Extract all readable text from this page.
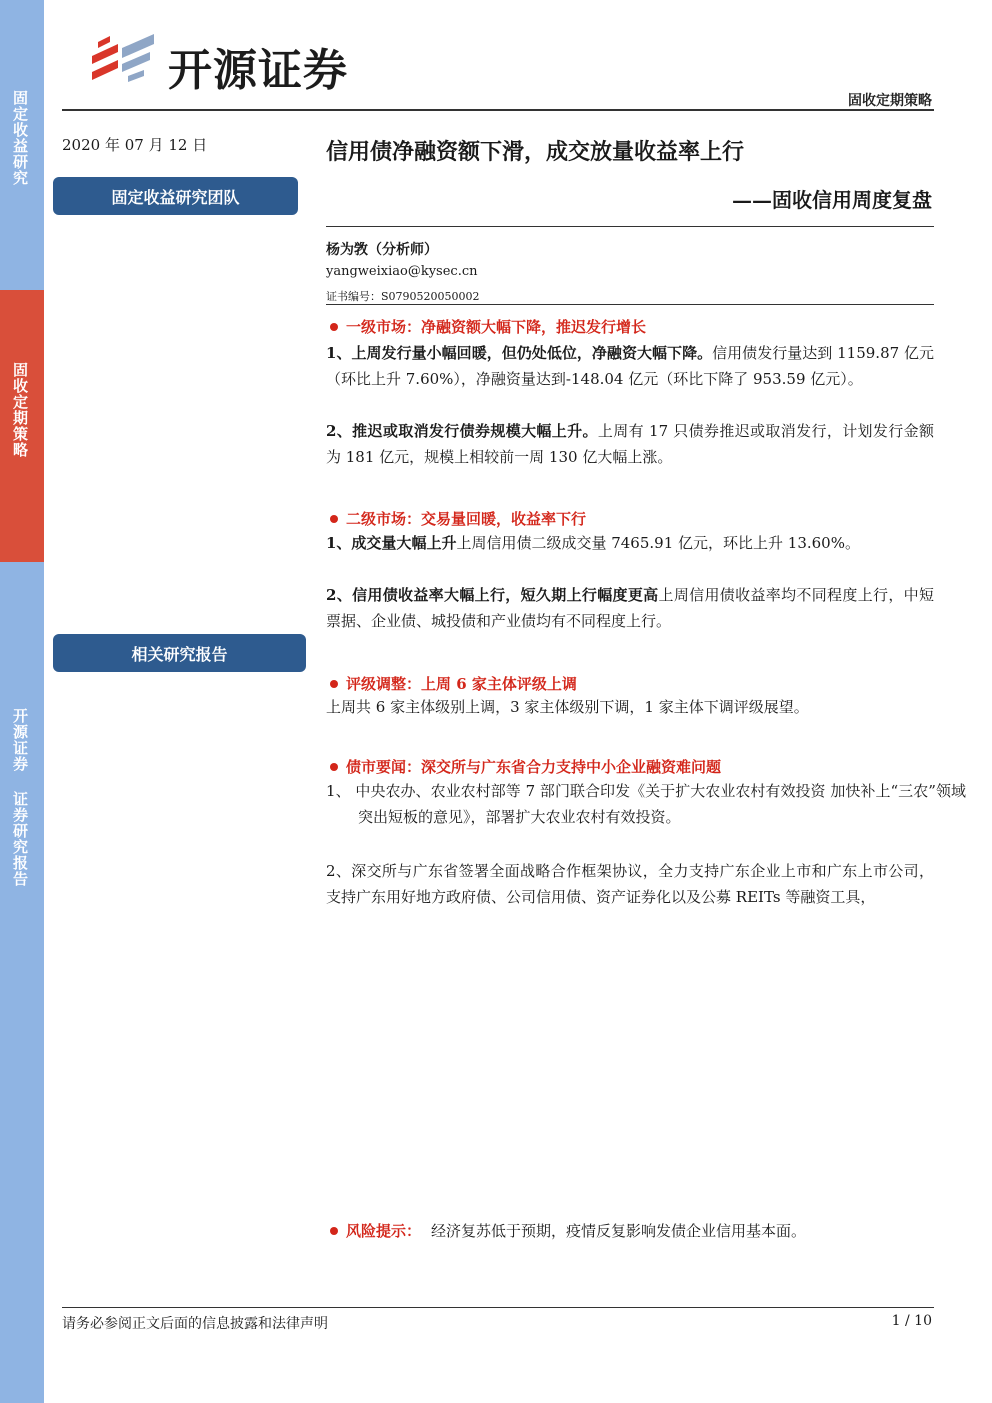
固定收益研究
固收定期策略
开源证券 证券研究报告
开源证券
固收定期策略
2020 年 07 月 12 日
固定收益研究团队
相关研究报告
信用债净融资额下滑，成交放量收益率上行
——固收信用周度复盘
杨为敩（分析师）
yangweixiao@kysec.cn
证书编号：S0790520050002
一级市场：净融资额大幅下降，推迟发行增长
1、上周发行量小幅回暖，但仍处低位，净融资大幅下降。信用债发行量达到 1159.87 亿元（环比上升 7.60%），净融资量达到-148.04 亿元（环比下降了 953.59 亿元）。
2、推迟或取消发行债券规模大幅上升。上周有 17 只债券推迟或取消发行，计划发行金额为 181 亿元，规模上相较前一周 130 亿大幅上涨。
二级市场：交易量回暖，收益率下行
1、成交量大幅上升上周信用债二级成交量 7465.91 亿元，环比上升 13.60%。
2、信用债收益率大幅上行，短久期上行幅度更高上周信用债收益率均不同程度上行，中短票据、企业债、城投债和产业债均有不同程度上行。
评级调整：上周 6 家主体评级上调
上周共 6 家主体级别上调，3 家主体级别下调，1 家主体下调评级展望。
债市要闻：深交所与广东省合力支持中小企业融资难问题
1、 中央农办、农业农村部等 7 部门联合印发《关于扩大农业农村有效投资 加快补上“三农”领域突出短板的意见》，部署扩大农业农村有效投资。
2、深交所与广东省签署全面战略合作框架协议，全力支持广东企业上市和广东上市公司，支持广东用好地方政府债、公司信用债、资产证券化以及公募 REITs 等融资工具，
风险提示： 经济复苏低于预期，疫情反复影响发债企业信用基本面。
请务必参阅正文后面的信息披露和法律声明	1 / 10
